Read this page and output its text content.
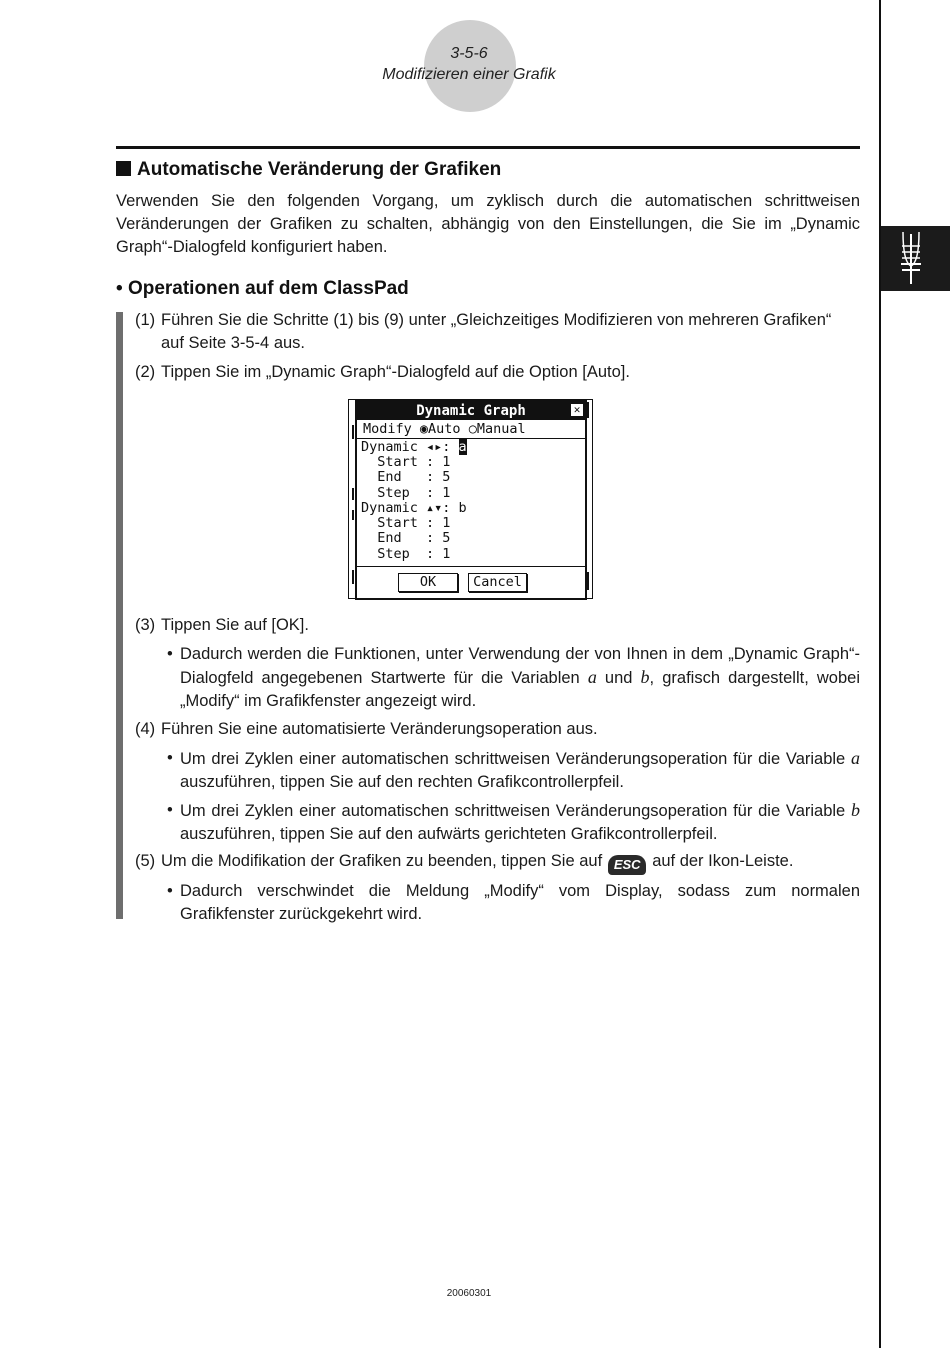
3-5-6
Modifizieren einer Grafik
Automatische Veränderung der Grafiken
Verwenden Sie den folgenden Vorgang, um zyklisch durch die automatischen schrittweisen Veränderungen der Grafiken zu schalten, abhängig von den Einstellungen, die Sie im „Dynamic Graph“-Dialogfeld konfiguriert haben.
• Operationen auf dem ClassPad
(1) Führen Sie die Schritte (1) bis (9) unter „Gleichzeitiges Modifizieren von mehreren Grafiken“
auf Seite 3-5-4 aus.
(2) Tippen Sie im „Dynamic Graph“-Dialogfeld auf die Option [Auto].
Dynamic Graph	✕
Modify ◉Auto ○Manual
Dynamic ◂▸: a
Start : 1
End   : 5
Step  : 1
Dynamic ▴▾: b
Start : 1
End   : 5
Step  : 1
OK	Cancel
(3) Tippen Sie auf [OK].
• Dadurch werden die Funktionen, unter Verwendung der von Ihnen in dem „Dynamic Graph“-Dialogfeld angegebenen Startwerte für die Variablen a und b, grafisch dargestellt, wobei „Modify“ im Grafikfenster angezeigt wird.
(4) Führen Sie eine automatisierte Veränderungsoperation aus.
• Um drei Zyklen einer automatischen schrittweisen Veränderungsoperation für die Variable a auszuführen, tippen Sie auf den rechten Grafikcontrollerpfeil.
• Um drei Zyklen einer automatischen schrittweisen Veränderungsoperation für die Variable b auszuführen, tippen Sie auf den aufwärts gerichteten Grafikcontrollerpfeil.
(5) Um die Modifikation der Grafiken zu beenden, tippen Sie auf ESC auf der Ikon-Leiste.
• Dadurch verschwindet die Meldung „Modify“ vom Display, sodass zum normalen Grafikfenster zurückgekehrt wird.
20060301
